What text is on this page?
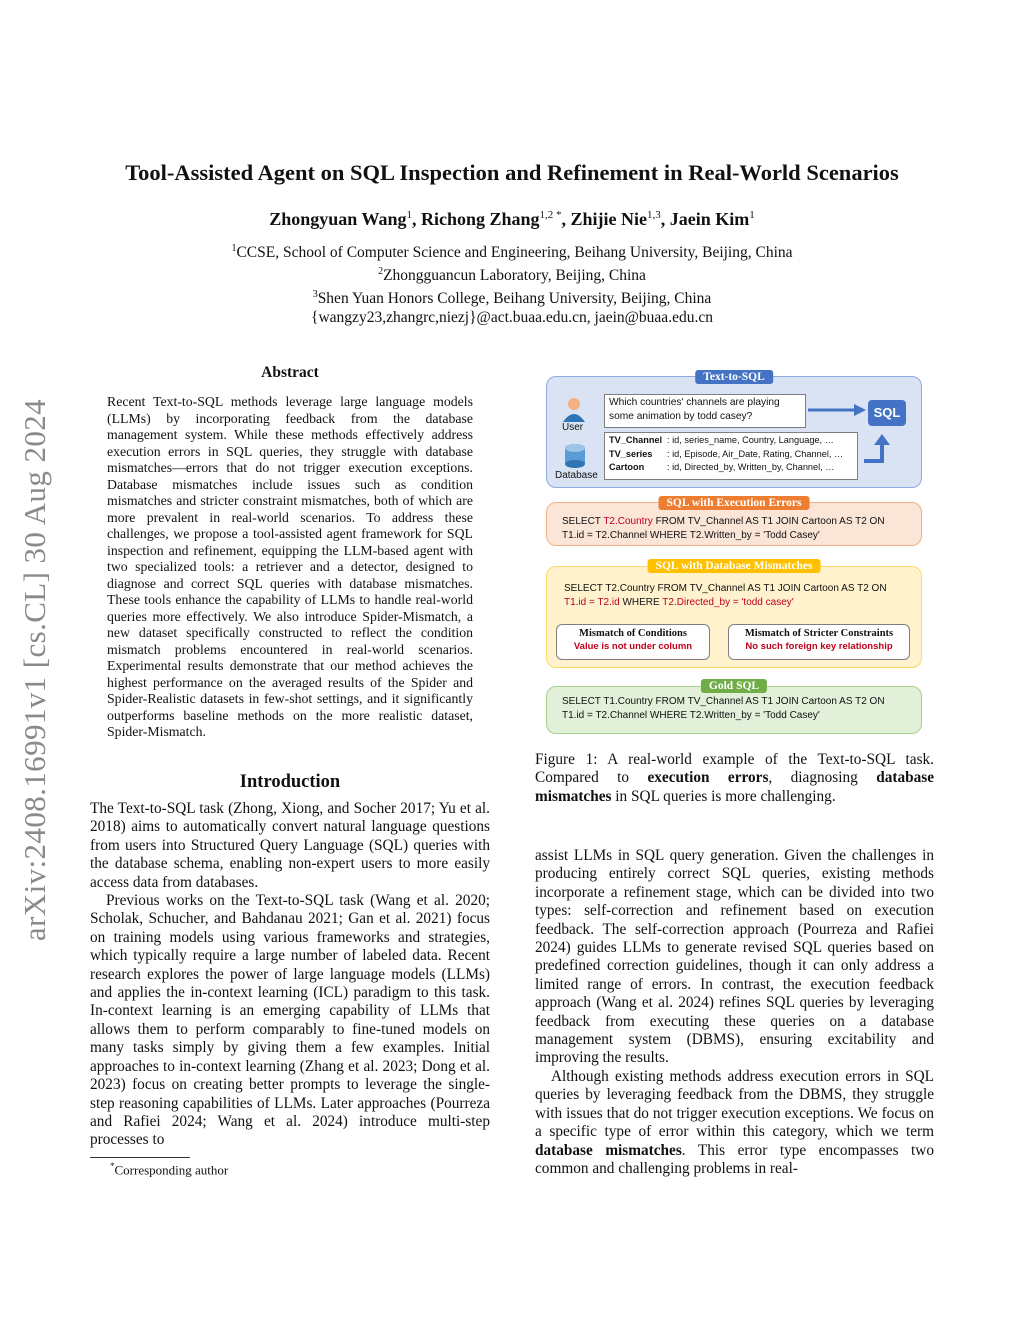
arXiv:2408.16991v1 [cs.CL] 30 Aug 2024
Tool-Assisted Agent on SQL Inspection and Refinement in Real-World Scenarios
Zhongyuan Wang$^1$, Richong Zhang$^{1,2 *}$, Zhijie Nie$^{1,3}$, Jaein Kim$^1$
$^1$CCSE, School of Computer Science and Engineering, Beihang University, Beijing, China
$^2$Zhongguancun Laboratory, Beijing, China
$^3$Shen Yuan Honors College, Beihang University, Beijing, China
{wangzy23,zhangrc,niezj}@act.buaa.edu.cn, jaein@buaa.edu.cn
Abstract
Recent Text-to-SQL methods leverage large language models (LLMs) by incorporating feedback from the database management system. While these methods effectively address execution errors in SQL queries, they struggle with database mismatches—errors that do not trigger execution exceptions. Database mismatches include issues such as condition mismatches and stricter constraint mismatches, both of which are more prevalent in real-world scenarios. To address these challenges, we propose a tool-assisted agent framework for SQL inspection and refinement, equipping the LLM-based agent with two specialized tools: a retriever and a detector, designed to diagnose and correct SQL queries with database mismatches. These tools enhance the capability of LLMs to handle real-world queries more effectively. We also introduce Spider-Mismatch, a new dataset specifically constructed to reflect the condition mismatch problems encountered in real-world scenarios. Experimental results demonstrate that our method achieves the highest performance on the averaged results of the Spider and Spider-Realistic datasets in few-shot settings, and it significantly outperforms baseline methods on the more realistic dataset, Spider-Mismatch.
Introduction

The Text-to-SQL task (Zhong, Xiong, and Socher 2017; Yu et al. 2018) aims to automatically convert natural language questions from users into Structured Query Language (SQL) queries with the database schema, enabling non-expert users to more easily access data from databases.

Previous works on the Text-to-SQL task (Wang et al. 2020; Scholak, Schucher, and Bahdanau 2021; Gan et al. 2021) focus on training models using various frameworks and strategies, which typically require a large number of labeled data. Recent research explores the power of large language models (LLMs) and applies the in-context learning (ICL) paradigm to this task. In-context learning is an emerging capability of LLMs that allows them to perform comparably to fine-tuned models on many tasks simply by giving them a few examples. Initial approaches to in-context learning (Zhang et al. 2023; Dong et al. 2023) focus on creating better prompts to leverage the single-step reasoning capabilities of LLMs. Later approaches (Pourreza and Rafiei 2024; Wang et al. 2024) introduce multi-step processes to

*Corresponding author
Text-to-SQL
User
Which countries' channels are playing some animation by todd casey?	SQL
Database
TV_Channel : id, series_name, Country, Language, …
TV_series : id, Episode, Air_Date, Rating, Channel, …
Cartoon : id, Directed_by, Written_by, Channel, …
SQL with Execution Errors
SELECT T2.Country FROM TV_Channel AS T1 JOIN Cartoon AS T2 ON
T1.id = T2.Channel WHERE T2.Written_by = 'Todd Casey'
SQL with Database Mismatches
SELECT T2.Country FROM TV_Channel AS T1 JOIN Cartoon AS T2 ON
T1.id = T2.id WHERE T2.Directed_by = 'todd casey'
Mismatch of Conditions
Value is not under column
Mismatch of Stricter Constraints
No such foreign key relationship
Gold SQL
SELECT T1.Country FROM TV_Channel AS T1 JOIN Cartoon AS T2 ON
T1.id = T2.Channel WHERE T2.Written_by = 'Todd Casey'
Figure 1: A real-world example of the Text-to-SQL task. Compared to execution errors, diagnosing database mismatches in SQL queries is more challenging.

assist LLMs in SQL query generation. Given the challenges in producing entirely correct SQL queries, existing methods incorporate a refinement stage, which can be divided into two types: self-correction and refinement based on execution feedback. The self-correction approach (Pourreza and Rafiei 2024) guides LLMs to generate revised SQL queries based on predefined correction guidelines, though it can only address a limited range of errors. In contrast, the execution feedback approach (Wang et al. 2024) refines SQL queries by leveraging feedback from executing these queries on a database management system (DBMS), ensuring excitability and improving the results.

Although existing methods address execution errors in SQL queries by leveraging feedback from the DBMS, they struggle with issues that do not trigger execution exceptions. We focus on a specific type of error within this category, which we term database mismatches. This error type encompasses two common and challenging problems in real-
